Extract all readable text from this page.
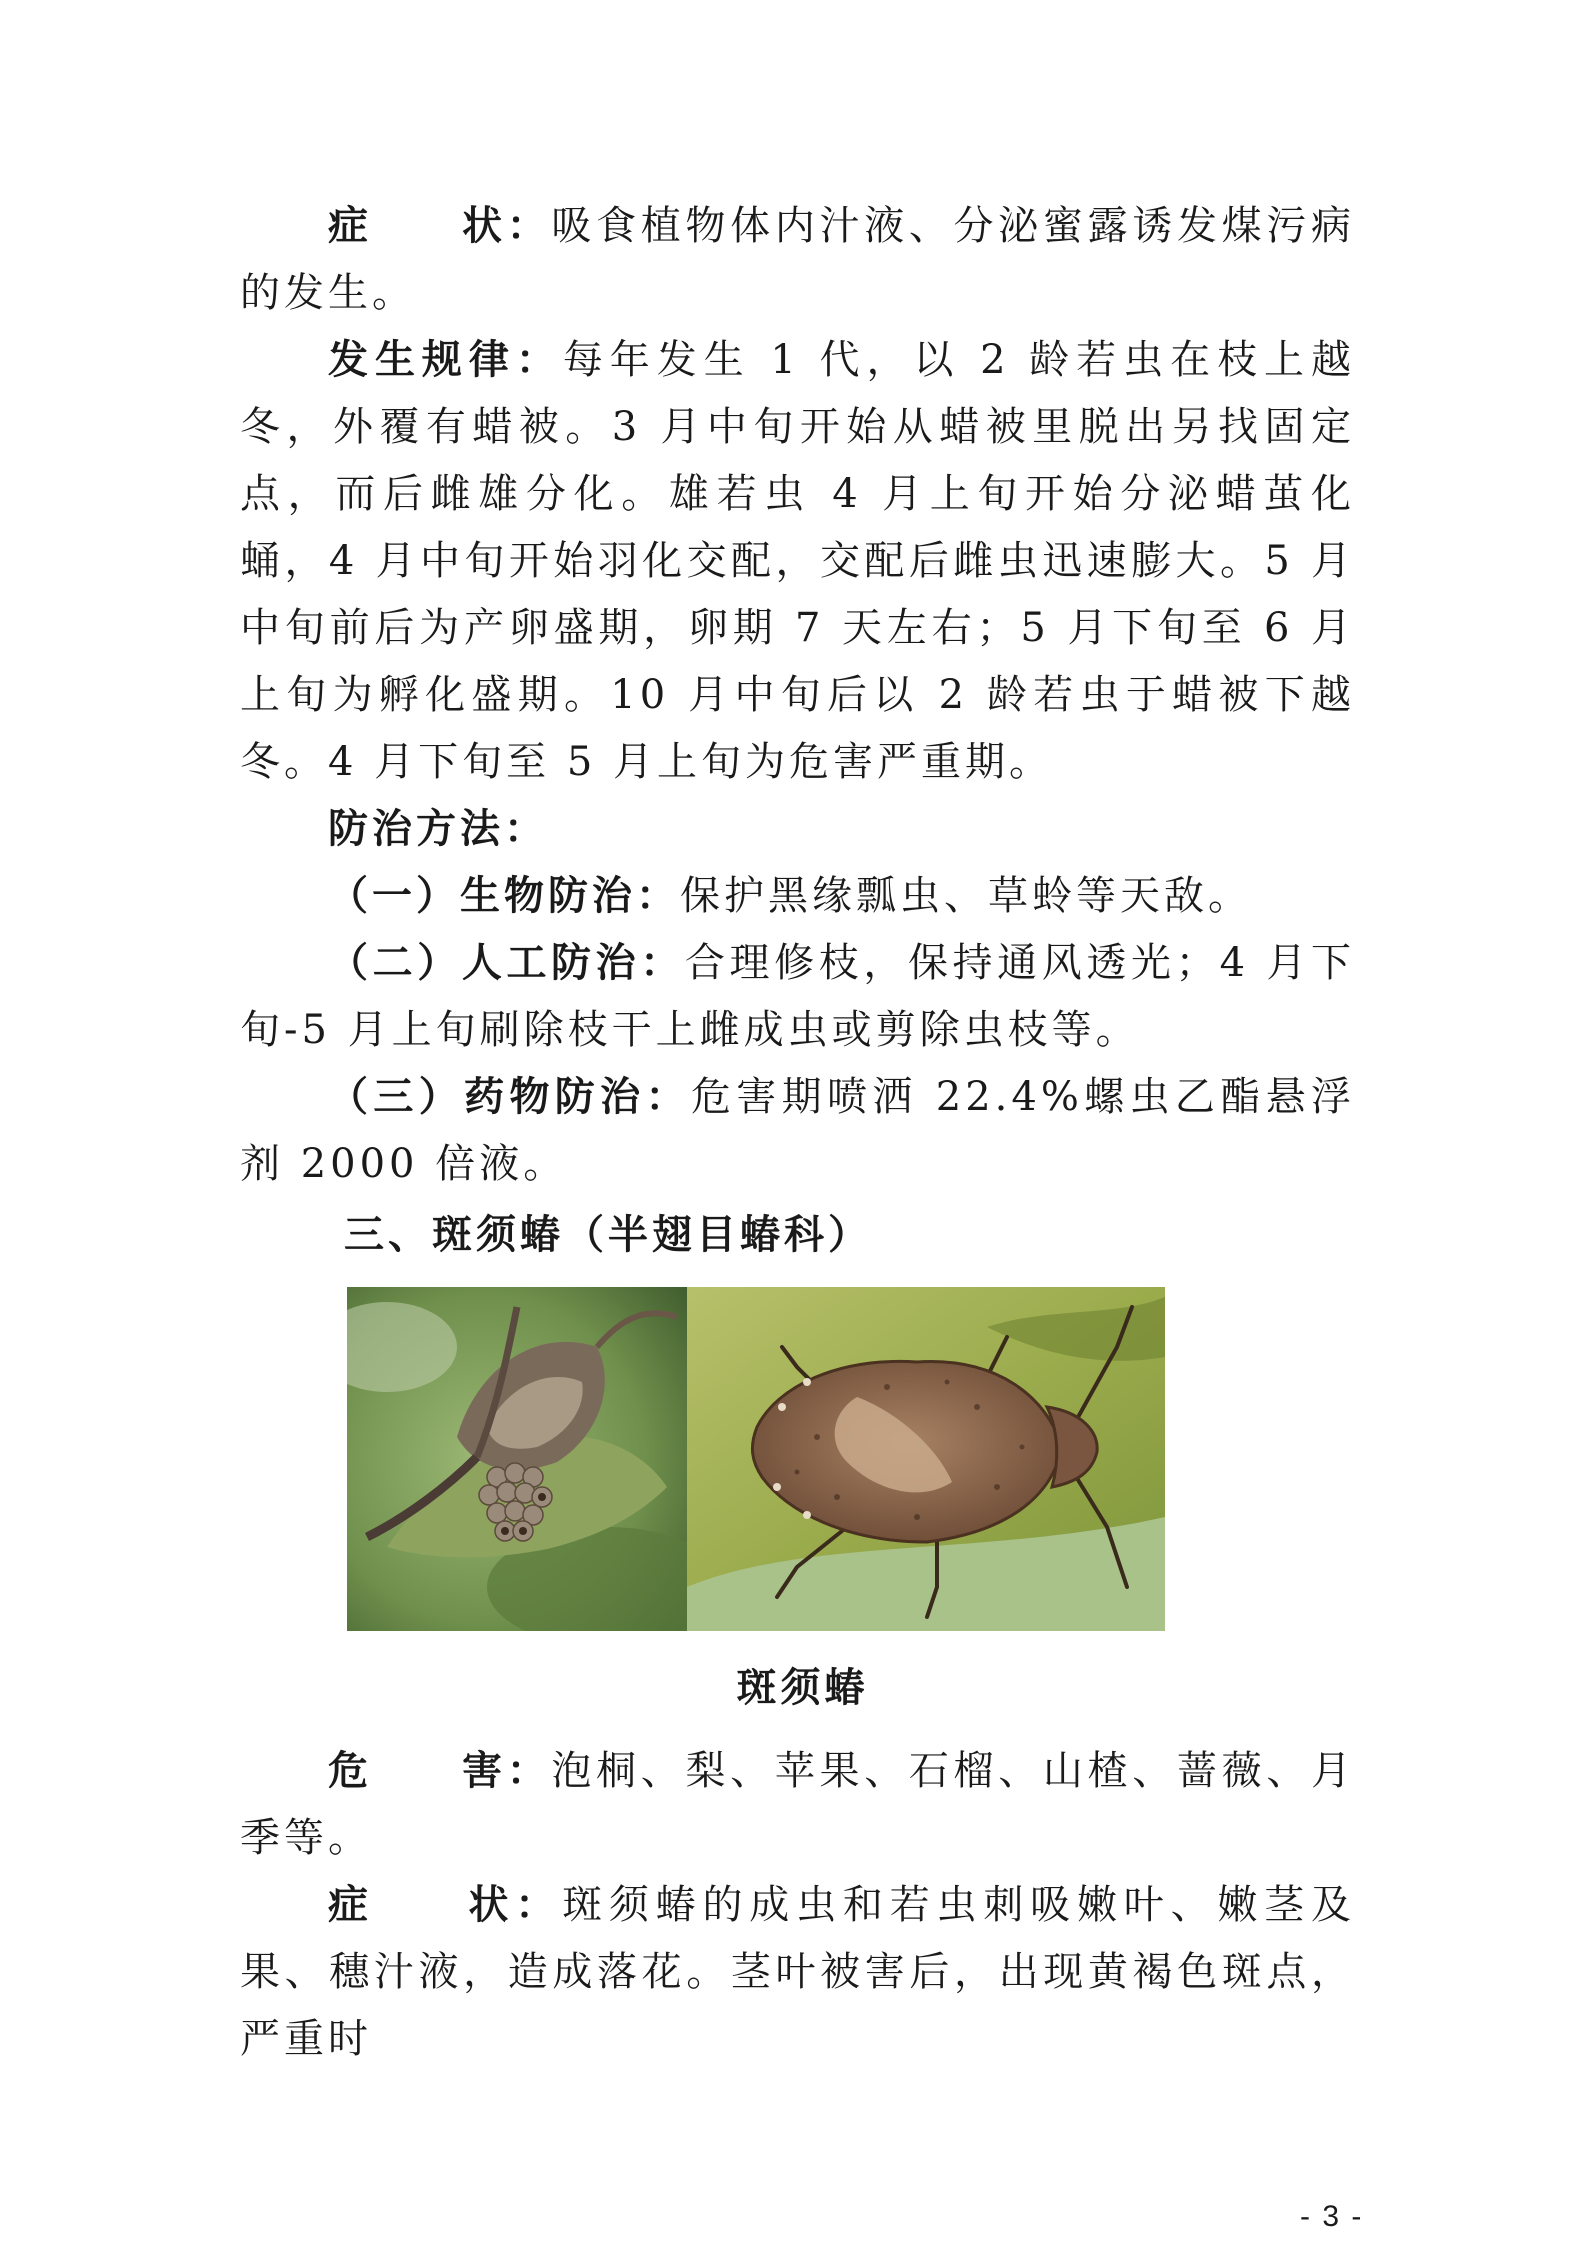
症　　状：吸食植物体内汁液、分泌蜜露诱发煤污病的发生。

发生规律：每年发生 1 代，以 2 龄若虫在枝上越冬，外覆有蜡被。3 月中旬开始从蜡被里脱出另找固定点，而后雌雄分化。雄若虫 4 月上旬开始分泌蜡茧化蛹，4 月中旬开始羽化交配，交配后雌虫迅速膨大。5 月中旬前后为产卵盛期，卵期 7 天左右；5 月下旬至 6 月上旬为孵化盛期。10 月中旬后以 2 龄若虫于蜡被下越冬。4 月下旬至 5 月上旬为危害严重期。

防治方法：

（一）生物防治：保护黑缘瓢虫、草蛉等天敌。

（二）人工防治：合理修枝，保持通风透光；4 月下旬-5 月上旬刷除枝干上雌成虫或剪除虫枝等。

（三）药物防治：危害期喷洒 22.4%螺虫乙酯悬浮剂 2000 倍液。

三、斑须蝽（半翅目蝽科）

斑须蝽

危　　害：泡桐、梨、苹果、石榴、山楂、蔷薇、月季等。

症　　状：斑须蝽的成虫和若虫刺吸嫩叶、嫩茎及果、穗汁液，造成落花。茎叶被害后，出现黄褐色斑点，严重时

- 3 -
